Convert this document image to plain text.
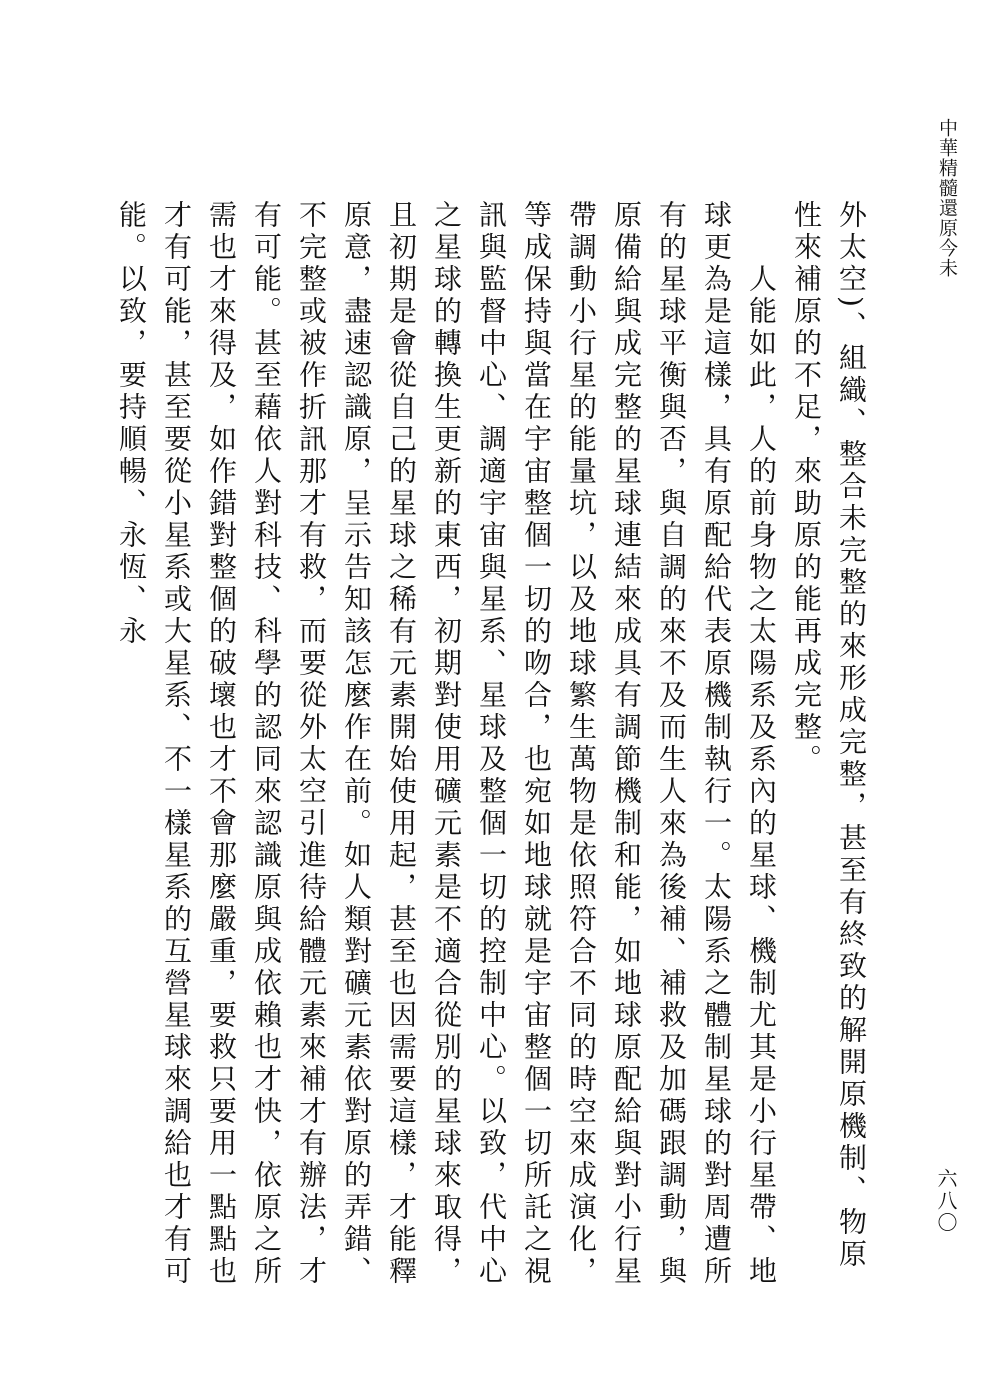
中華精髓還原今未
六八〇

外太空)、組織、整合未完整的來形成完整，甚至有終致的解開原機制、物原性來補原的不足，來助原的能再成完整。

人能如此，人的前身物之太陽系及系內的星球、機制尤其是小行星帶、地球更為是這樣，具有原配給代表原機制執行一。太陽系之體制星球的對周遭所有的星球平衡與否，與自調的來不及而生人來為後補、補救及加碼跟調動，與原備給與成完整的星球連結來成具有調節機制和能，如地球原配給與對小行星帶調動小行星的能量坑，以及地球繁生萬物是依照符合不同的時空來成演化，等成保持與當在宇宙整個一切的吻合，也宛如地球就是宇宙整個一切所託之視訊與監督中心、調適宇宙與星系、星球及整個一切的控制中心。以致，代中心之星球的轉換生更新的東西，初期對使用礦元素是不適合從別的星球來取得，且初期是會從自己的星球之稀有元素開始使用起，甚至也因需要這樣，才能釋原意，盡速認識原，呈示告知該怎麼作在前。如人類對礦元素依對原的弄錯、不完整或被作折訊那才有救，而要從外太空引進待給體元素來補才有辦法，才有可能。甚至藉依人對科技、科學的認同來認識原與成依賴也才快，依原之所需也才來得及，如作錯對整個的破壞也才不會那麼嚴重，要救只要用一點點也才有可能，甚至要從小星系或大星系、不一樣星系的互營星球來調給也才有可能。以致，要持順暢、永恆、永
